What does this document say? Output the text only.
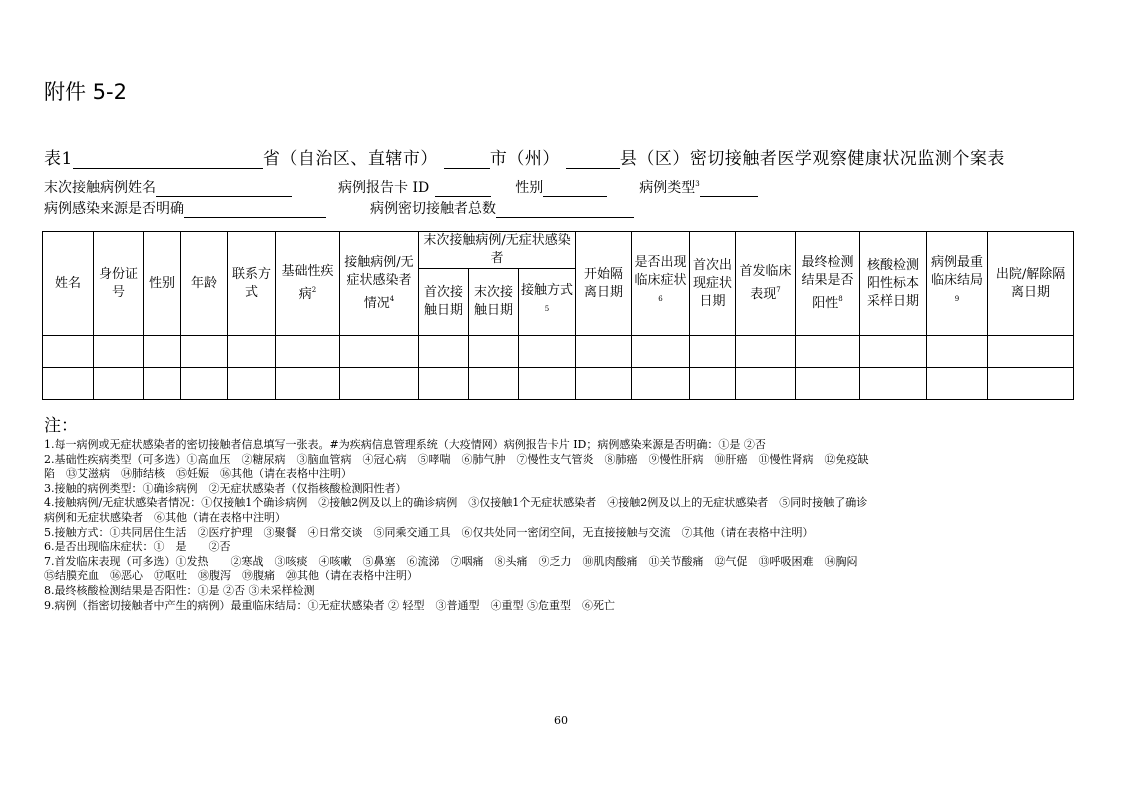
附件 5-2
表1	省（自治区、直辖市）	市（州）	县（区）密切接触者医学观察健康状况监测个案表
末次接触病例姓名	病例报告卡 ID	性别	病例类型$^3$
病例感染来源是否明确	病例密切接触者总数
姓名	身份证号	性别	年龄	联系方式	基础性疾病$^2$	接触病例/无症状感染者情况$^4$	末次接触病例/无症状感染者			开始隔离日期	是否出现临床症状$^6$	首次出现症状日期	首发临床表现$^7$	最终检测结果是否阳性$^8$	核酸检测阳性标本采样日期	病例最重临床结局$^9$	出院/解除隔离日期
							首次接触日期	末次接触日期	接触方式$^5$

注：
1.每一病例或无症状感染者的密切接触者信息填写一张表。#为疾病信息管理系统（大疫情网）病例报告卡片 ID；病例感染来源是否明确：①是 ②否
2.基础性疾病类型（可多选）①高血压　②糖尿病　③脑血管病　④冠心病　⑤哮喘　⑥肺气肿　⑦慢性支气管炎　⑧肺癌　⑨慢性肝病　⑩肝癌　⑪慢性肾病　⑫免疫缺
陷　⑬艾滋病　⑭肺结核　⑮妊娠　⑯其他（请在表格中注明）
3.接触的病例类型：①确诊病例　②无症状感染者（仅指核酸检测阳性者）
4.接触病例/无症状感染者情况：①仅接触1个确诊病例　②接触2例及以上的确诊病例　③仅接触1个无症状感染者　④接触2例及以上的无症状感染者　⑤同时接触了确诊
病例和无症状感染者　⑥其他（请在表格中注明）
5.接触方式：①共同居住生活　②医疗护理　③聚餐　④日常交谈　⑤同乘交通工具　⑥仅共处同一密闭空间，无直接接触与交流　⑦其他（请在表格中注明）
6.是否出现临床症状：①　是　　②否
7.首发临床表现（可多选）①发热　　②寒战　③咳痰　④咳嗽　⑤鼻塞　⑥流涕　⑦咽痛　⑧头痛　⑨乏力　⑩肌肉酸痛　⑪关节酸痛　⑫气促　⑬呼吸困难　⑭胸闷
⑮结膜充血　⑯恶心　⑰呕吐　⑱腹泻　⑲腹痛　⑳其他（请在表格中注明）
8.最终核酸检测结果是否阳性：①是 ②否 ③未采样检测
9.病例（指密切接触者中产生的病例）最重临床结局：①无症状感染者 ② 轻型　③普通型　④重型 ⑤危重型　⑥死亡
60
